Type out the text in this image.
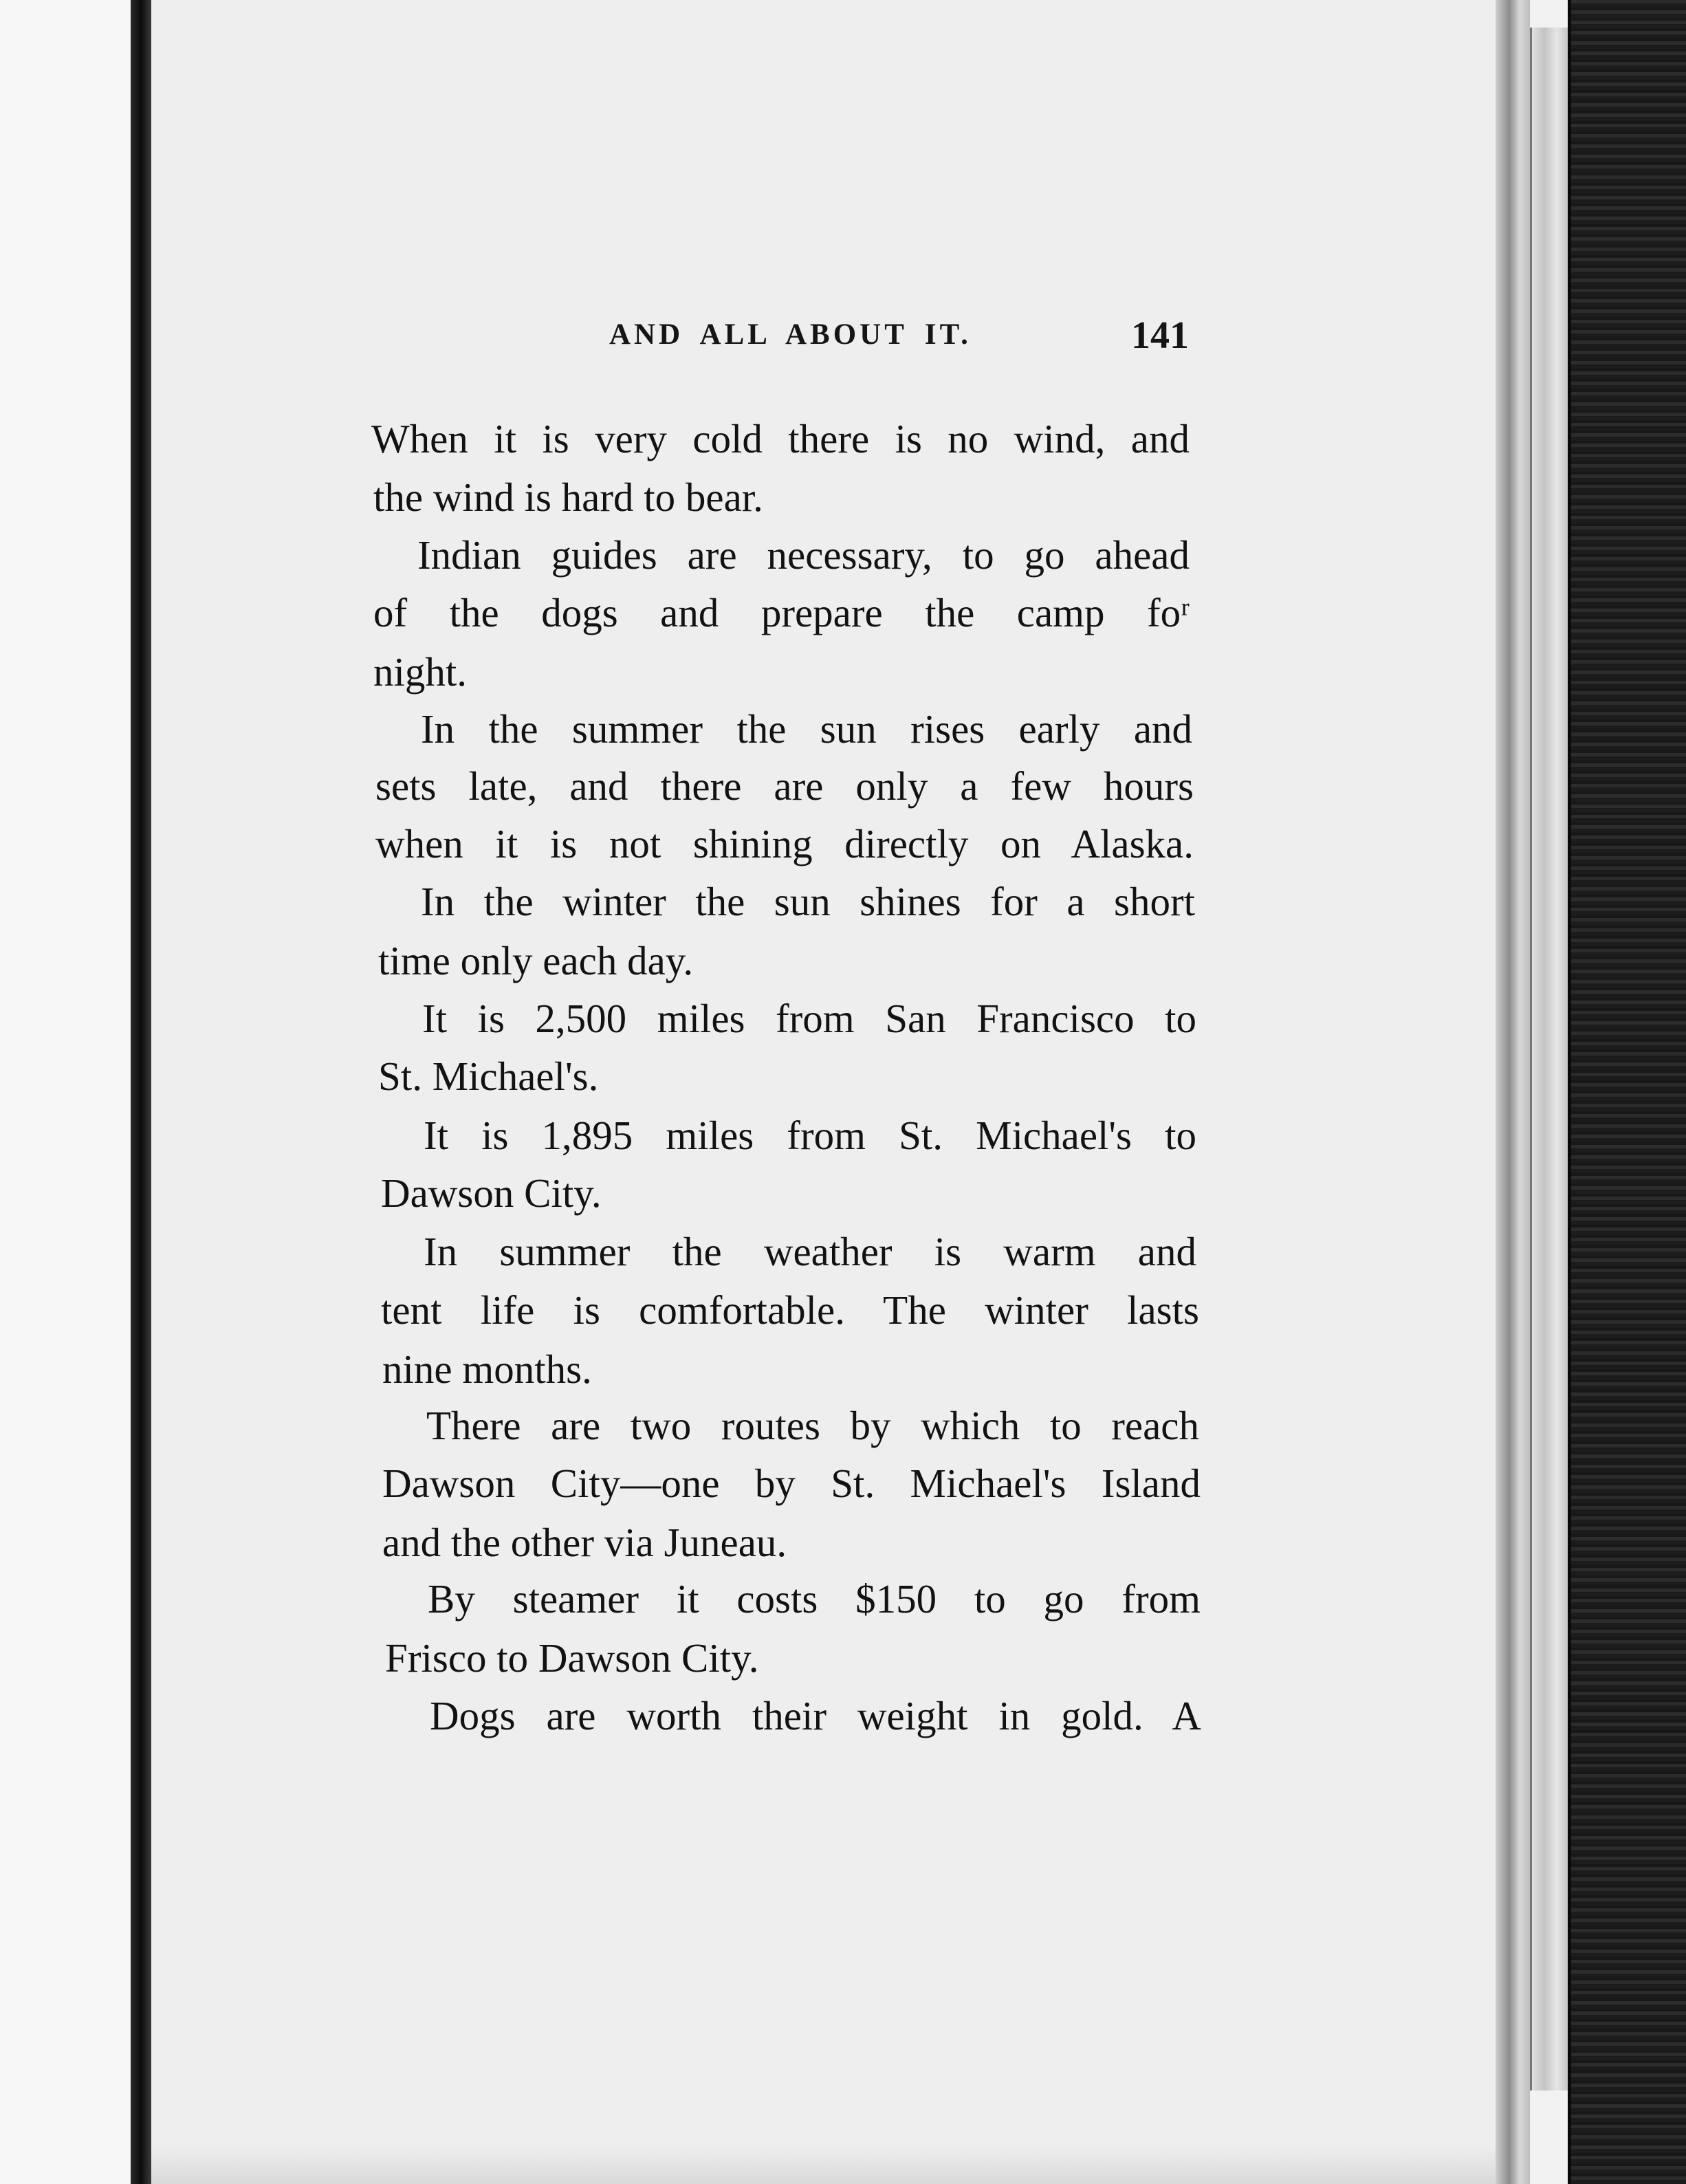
AND ALL ABOUT IT.	141
When it is very cold there is no wind, and
the wind is hard to bear.
Indian guides are necessary, to go ahead
of the dogs and prepare the camp foʳ
night.
In the summer the sun rises early and
sets late, and there are only a few hours
when it is not shining directly on Alaska.
In the winter the sun shines for a short
time only each day.
It is 2,500 miles from San Francisco to
St. Michael's.
It is 1,895 miles from St. Michael's to
Dawson City.
In summer the weather is warm and
tent life is comfortable. The winter lasts
nine months.
There are two routes by which to reach
Dawson City—one by St. Michael's Island
and the other via Juneau.
By steamer it costs $150 to go from
Frisco to Dawson City.
Dogs are worth their weight in gold. A
